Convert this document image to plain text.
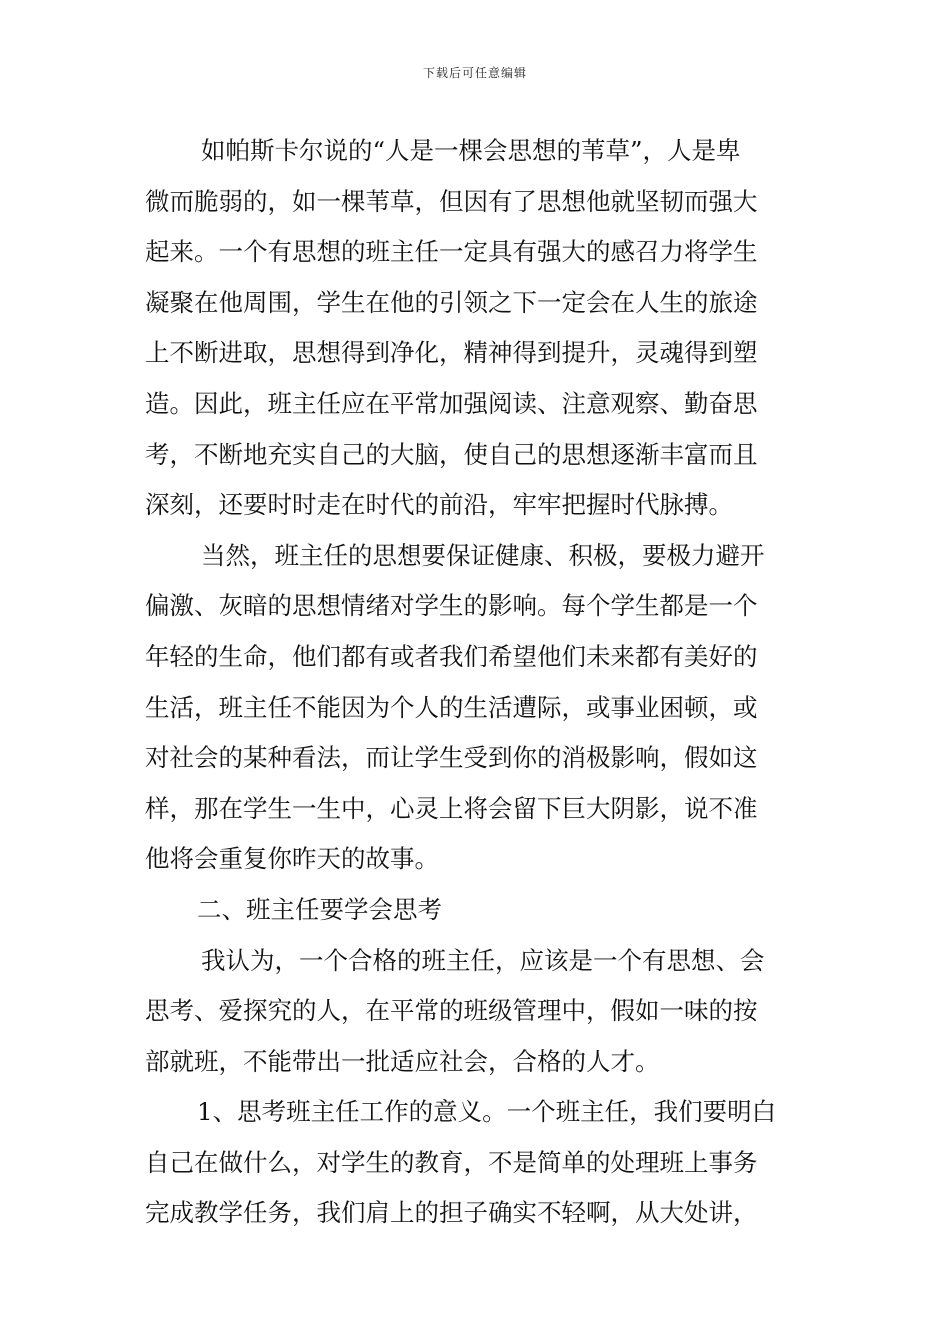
下载后可任意编辑
如帕斯卡尔说的“人是一棵会思想的苇草”，人是卑
微而脆弱的，如一棵苇草，但因有了思想他就坚韧而强大
起来。一个有思想的班主任一定具有强大的感召力将学生
凝聚在他周围，学生在他的引领之下一定会在人生的旅途
上不断进取，思想得到净化，精神得到提升，灵魂得到塑
造。因此，班主任应在平常加强阅读、注意观察、勤奋思
考，不断地充实自己的大脑，使自己的思想逐渐丰富而且
深刻，还要时时走在时代的前沿，牢牢把握时代脉搏。
当然，班主任的思想要保证健康、积极，要极力避开
偏激、灰暗的思想情绪对学生的影响。每个学生都是一个
年轻的生命，他们都有或者我们希望他们未来都有美好的
生活，班主任不能因为个人的生活遭际，或事业困顿，或
对社会的某种看法，而让学生受到你的消极影响，假如这
样，那在学生一生中，心灵上将会留下巨大阴影，说不准
他将会重复你昨天的故事。
二、班主任要学会思考
我认为，一个合格的班主任，应该是一个有思想、会
思考、爱探究的人，在平常的班级管理中，假如一味的按
部就班，不能带出一批适应社会，合格的人才。
1、思考班主任工作的意义。一个班主任，我们要明白
自己在做什么，对学生的教育，不是简单的处理班上事务
完成教学任务，我们肩上的担子确实不轻啊，从大处讲，
